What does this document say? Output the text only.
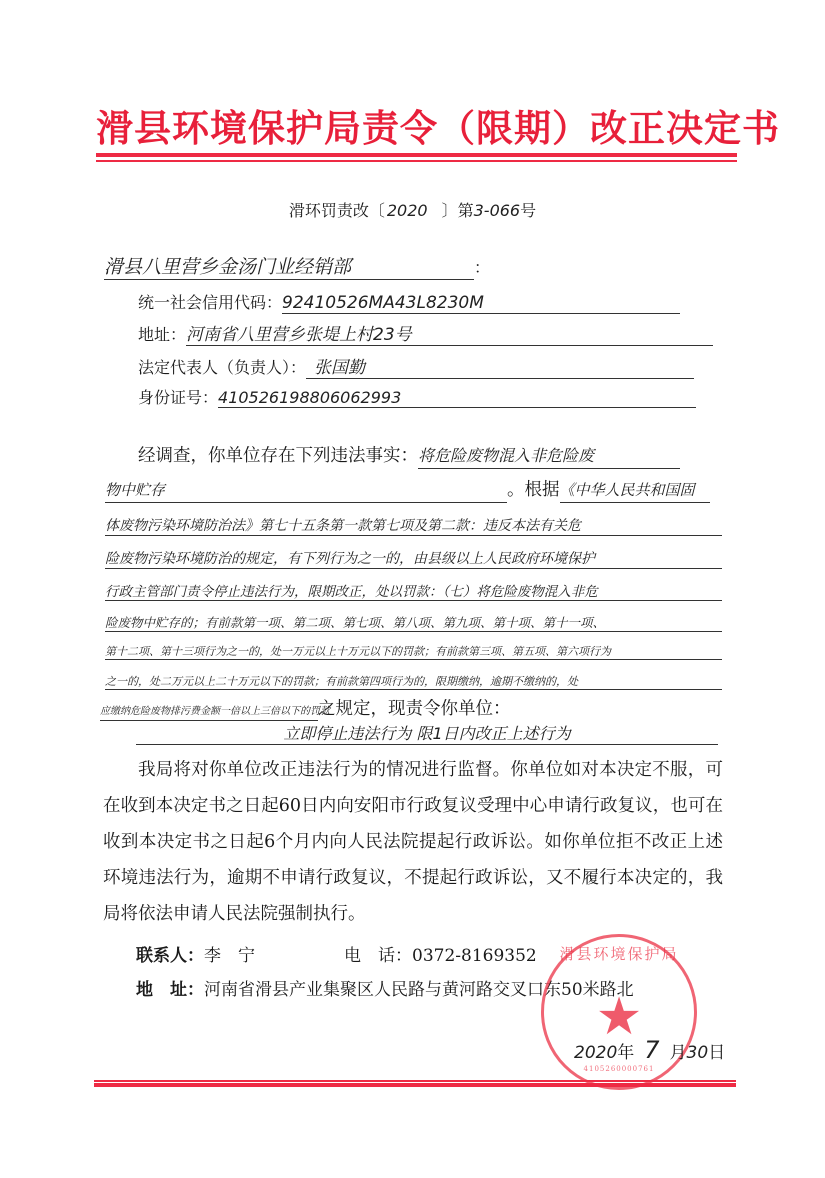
滑县环境保护局责令（限期）改正决定书
滑环罚责改〔 2020 〕第3-066号
滑县八里营乡金汤门业经销部	：
统一社会信用代码：92410526MA43L8230M
地址：河南省八里营乡张堤上村23号
法定代表人（负责人）： 张国勤
身份证号：410526198806062993
经调查，你单位存在下列违法事实：将危险废物混入非危险废
物中贮存	。根据《中华人民共和国固
体废物污染环境防治法》第七十五条第一款第七项及第二款：违反本法有关危
险废物污染环境防治的规定，有下列行为之一的，由县级以上人民政府环境保护
行政主管部门责令停止违法行为，限期改正，处以罚款：（七）将危险废物混入非危
险废物中贮存的；有前款第一项、第二项、第七项、第八项、第九项、第十项、第十一项、
第十二项、第十三项行为之一的，处一万元以上十万元以下的罚款；有前款第三项、第五项、第六项行为
之一的，处二万元以上二十万元以下的罚款；有前款第四项行为的，限期缴纳，逾期不缴纳的，处
应缴纳危险废物排污费金额一倍以上三倍以下的罚款之规定，现责令你单位：
立即停止违法行为 限1日内改正上述行为
我局将对你单位改正违法行为的情况进行监督。你单位如对本决定不服，可在收到本决定书之日起60日内向安阳市行政复议受理中心申请行政复议，也可在收到本决定书之日起6个月内向人民法院提起行政诉讼。如你单位拒不改正上述环境违法行为，逾期不申请行政复议，不提起行政诉讼，又不履行本决定的，我局将依法申请人民法院强制执行。
联系人：李　宁	电　话：0372-8169352
地　址：河南省滑县产业集聚区人民路与黄河路交叉口东50米路北
滑县环境保护局
★
4105260000761
2020年 7 月30日
